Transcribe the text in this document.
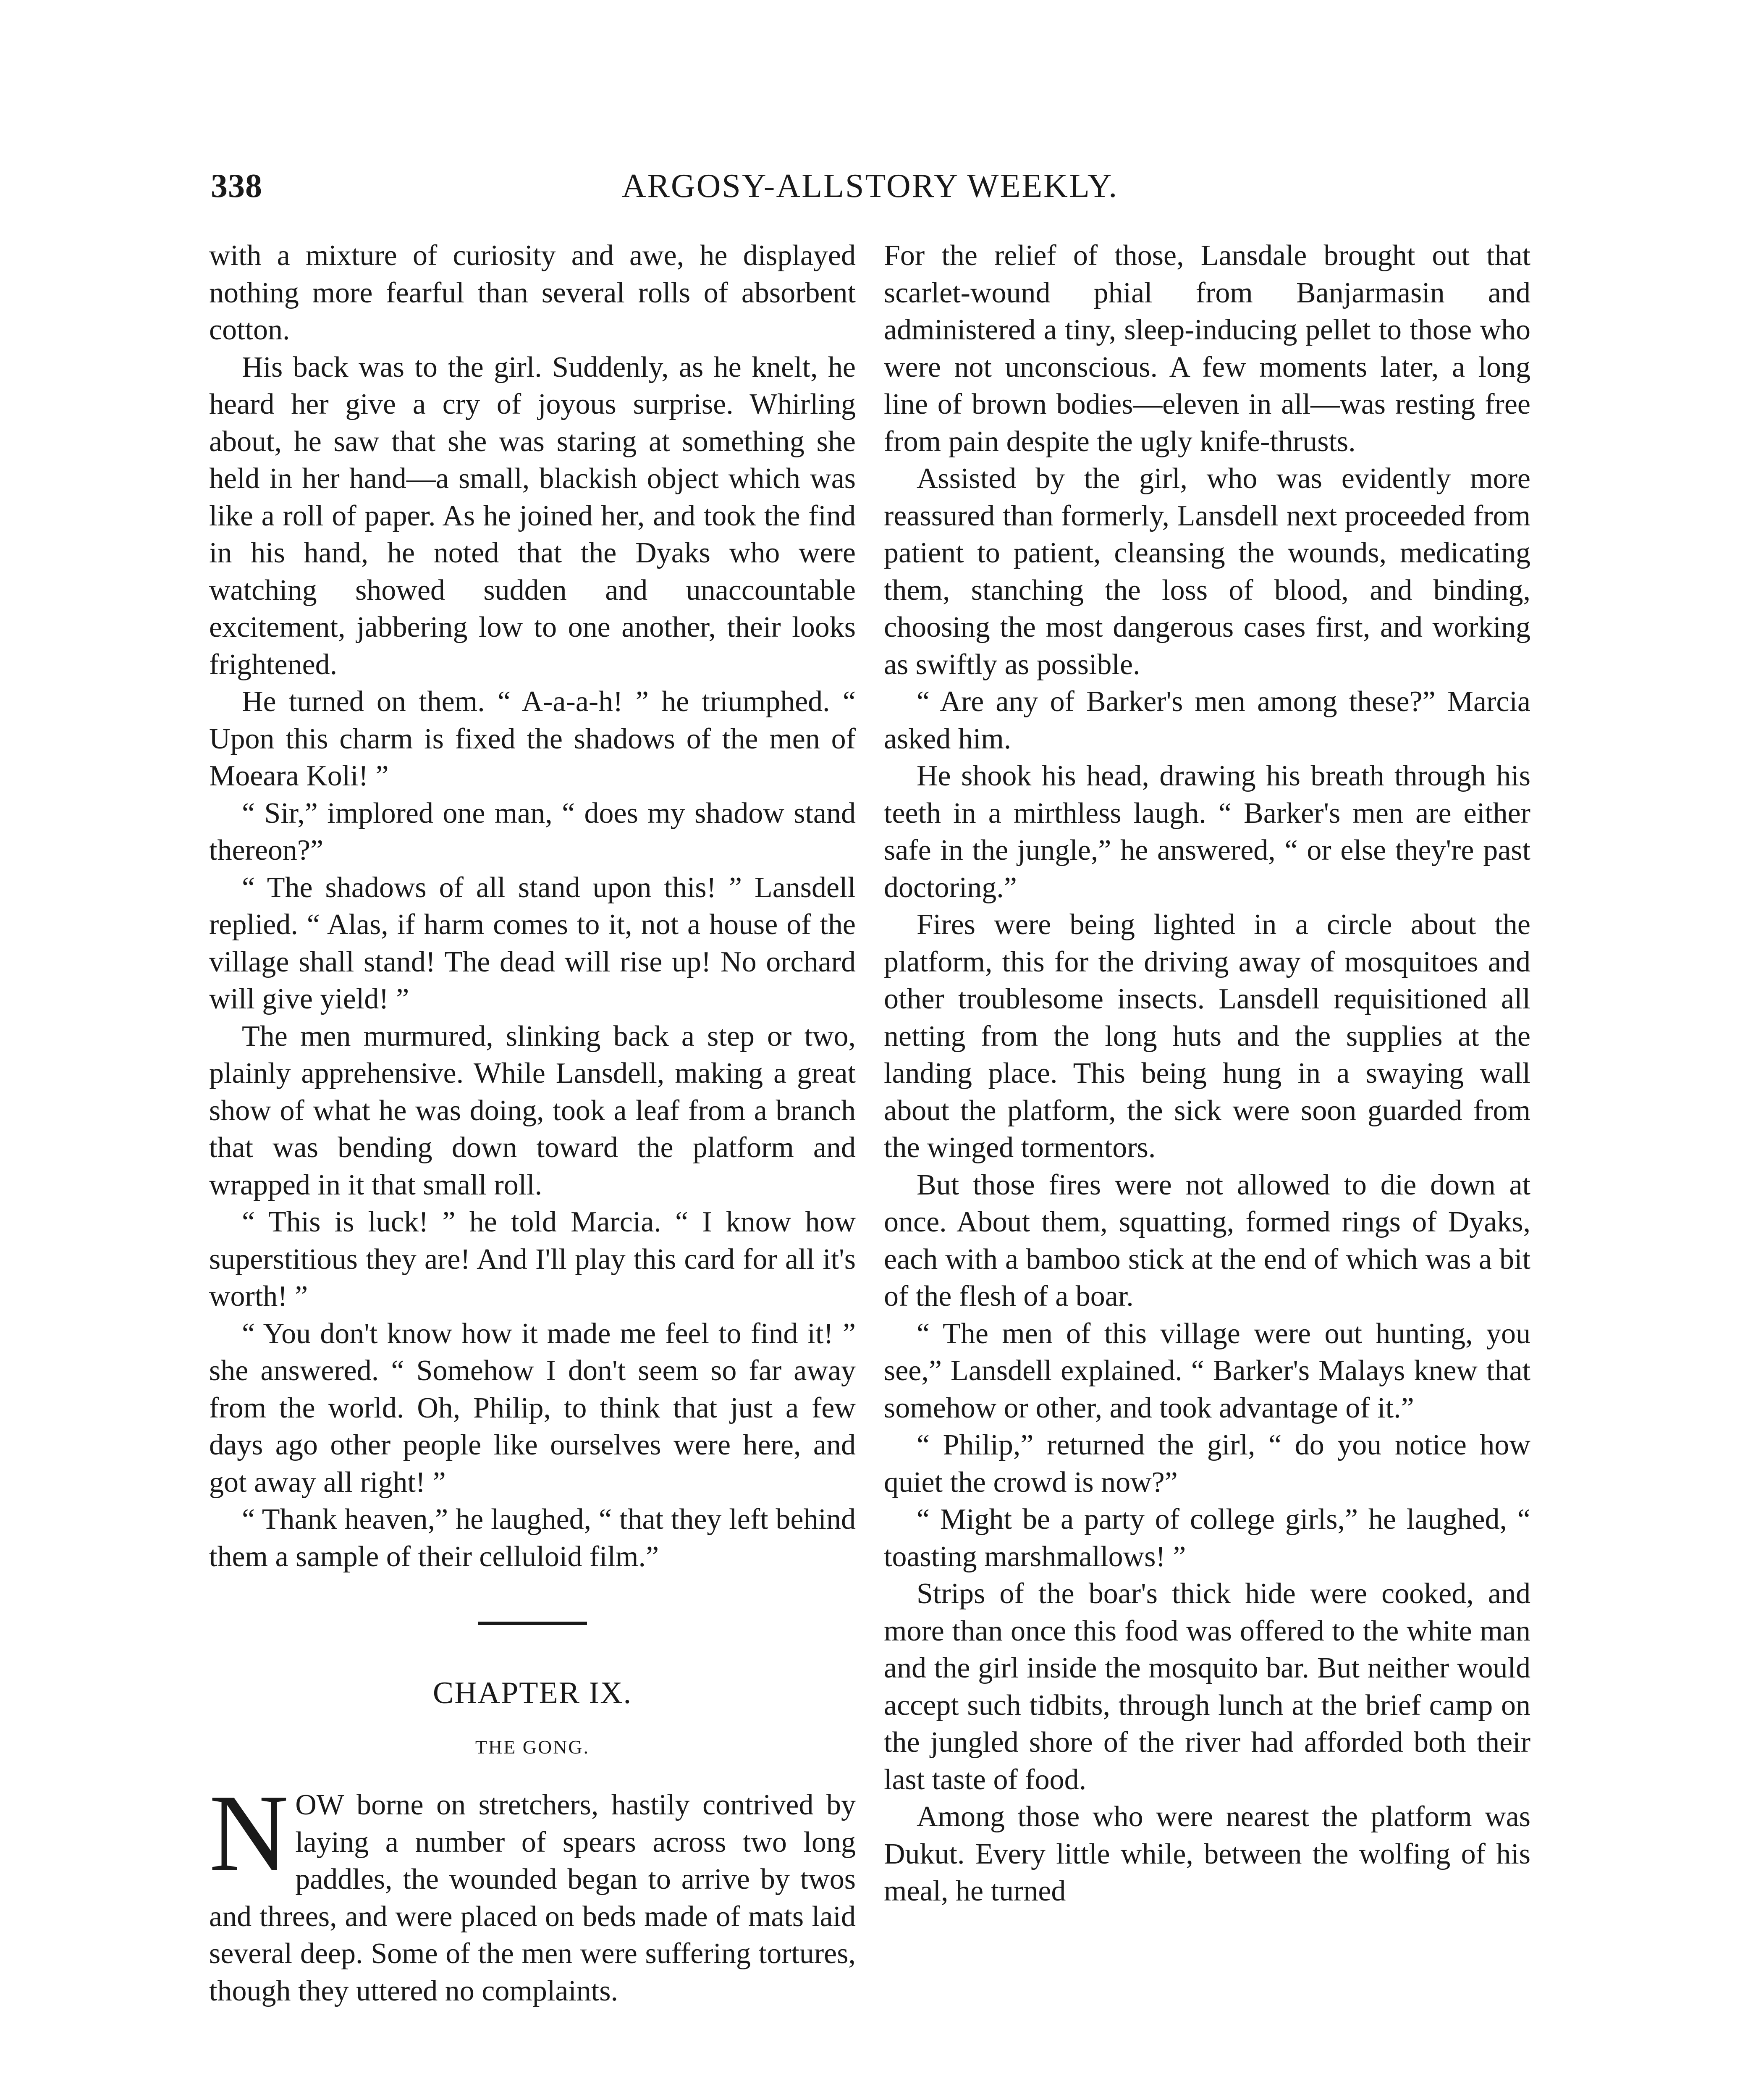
338	ARGOSY-ALLSTORY WEEKLY.

with a mixture of curiosity and awe, he displayed nothing more fearful than several rolls of absorbent cotton.

His back was to the girl. Suddenly, as he knelt, he heard her give a cry of joyous surprise. Whirling about, he saw that she was staring at something she held in her hand—a small, blackish object which was like a roll of paper. As he joined her, and took the find in his hand, he noted that the Dyaks who were watching showed sudden and unaccountable excitement, jabbering low to one another, their looks frightened.

He turned on them. “ A-a-a-h! ” he triumphed. “ Upon this charm is fixed the shadows of the men of Moeara Koli! ”

“ Sir,” implored one man, “ does my shadow stand thereon?”

“ The shadows of all stand upon this! ” Lansdell replied. “ Alas, if harm comes to it, not a house of the village shall stand! The dead will rise up! No orchard will give yield! ”

The men murmured, slinking back a step or two, plainly apprehensive. While Lansdell, making a great show of what he was doing, took a leaf from a branch that was bending down toward the platform and wrapped in it that small roll.

“ This is luck! ” he told Marcia. “ I know how superstitious they are! And I'll play this card for all it's worth! ”

“ You don't know how it made me feel to find it! ” she answered. “ Somehow I don't seem so far away from the world. Oh, Philip, to think that just a few days ago other people like ourselves were here, and got away all right! ”

“ Thank heaven,” he laughed, “ that they left behind them a sample of their celluloid film.”

CHAPTER IX.
THE GONG.

NOW borne on stretchers, hastily contrived by laying a number of spears across two long paddles, the wounded began to arrive by twos and threes, and were placed on beds made of mats laid several deep. Some of the men were suffering tortures, though they uttered no complaints.

For the relief of those, Lansdale brought out that scarlet-wound phial from Banjarmasin and administered a tiny, sleep-inducing pellet to those who were not unconscious. A few moments later, a long line of brown bodies—eleven in all—was resting free from pain despite the ugly knife-thrusts.

Assisted by the girl, who was evidently more reassured than formerly, Lansdell next proceeded from patient to patient, cleansing the wounds, medicating them, stanching the loss of blood, and binding, choosing the most dangerous cases first, and working as swiftly as possible.

“ Are any of Barker's men among these?” Marcia asked him.

He shook his head, drawing his breath through his teeth in a mirthless laugh. “ Barker's men are either safe in the jungle,” he answered, “ or else they're past doctoring.”

Fires were being lighted in a circle about the platform, this for the driving away of mosquitoes and other troublesome insects. Lansdell requisitioned all netting from the long huts and the supplies at the landing place. This being hung in a swaying wall about the platform, the sick were soon guarded from the winged tormentors.

But those fires were not allowed to die down at once. About them, squatting, formed rings of Dyaks, each with a bamboo stick at the end of which was a bit of the flesh of a boar.

“ The men of this village were out hunting, you see,” Lansdell explained. “ Barker's Malays knew that somehow or other, and took advantage of it.”

“ Philip,” returned the girl, “ do you notice how quiet the crowd is now?”

“ Might be a party of college girls,” he laughed, “ toasting marshmallows! ”

Strips of the boar's thick hide were cooked, and more than once this food was offered to the white man and the girl inside the mosquito bar. But neither would accept such tidbits, through lunch at the brief camp on the jungled shore of the river had afforded both their last taste of food.

Among those who were nearest the platform was Dukut. Every little while, between the wolfing of his meal, he turned
